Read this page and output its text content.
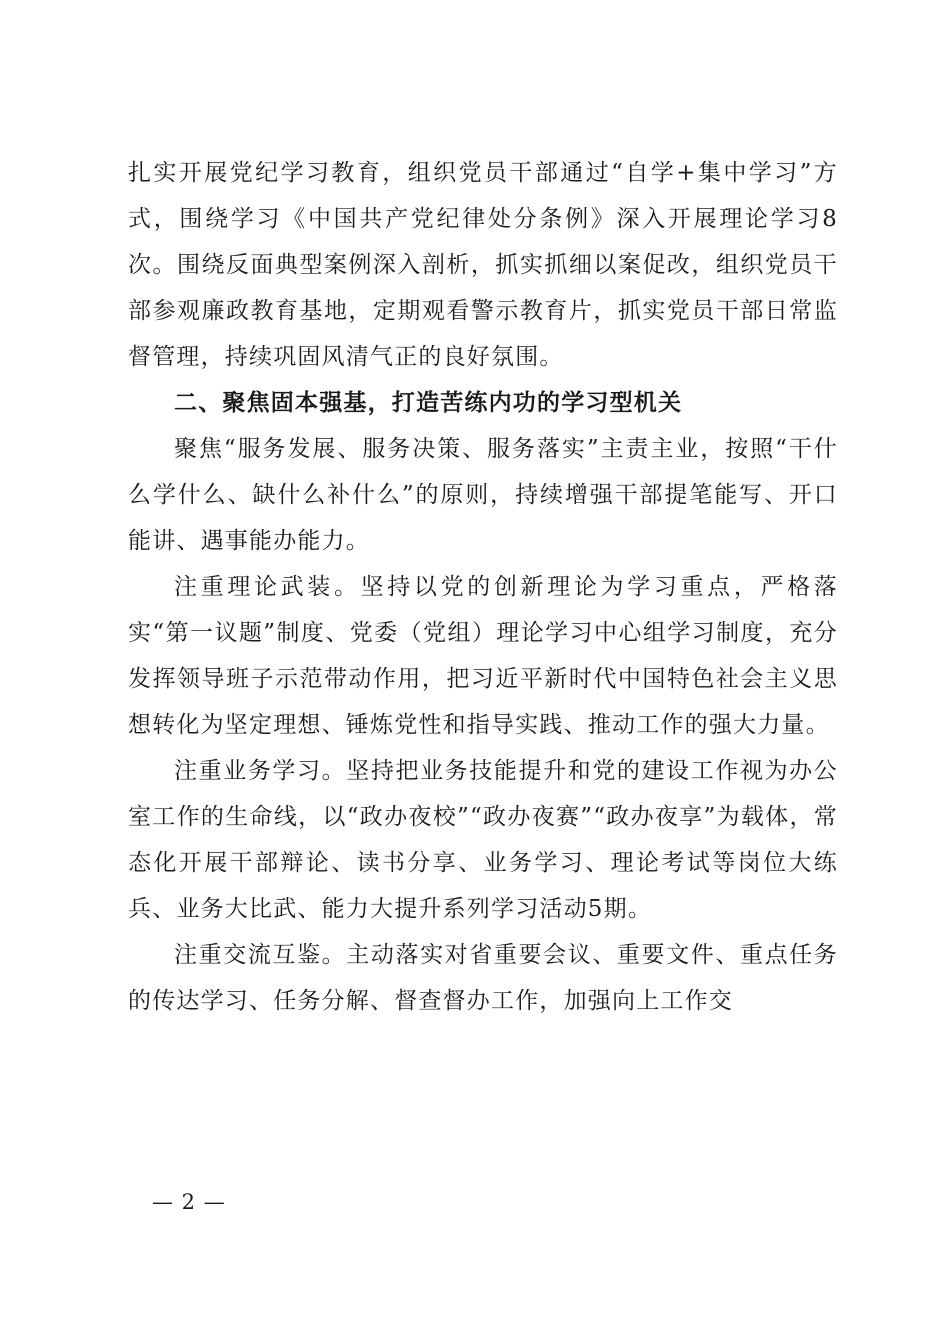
扎实开展党纪学习教育，组织党员干部通过“自学+集中学习”方式，围绕学习《中国共产党纪律处分条例》深入开展理论学习8次。围绕反面典型案例深入剖析，抓实抓细以案促改，组织党员干部参观廉政教育基地，定期观看警示教育片，抓实党员干部日常监督管理，持续巩固风清气正的良好氛围。

二、聚焦固本强基，打造苦练内功的学习型机关

聚焦“服务发展、服务决策、服务落实”主责主业，按照“干什么学什么、缺什么补什么”的原则，持续增强干部提笔能写、开口能讲、遇事能办能力。

注重理论武装。坚持以党的创新理论为学习重点，严格落实“第一议题”制度、党委（党组）理论学习中心组学习制度，充分发挥领导班子示范带动作用，把习近平新时代中国特色社会主义思想转化为坚定理想、锤炼党性和指导实践、推动工作的强大力量。

注重业务学习。坚持把业务技能提升和党的建设工作视为办公室工作的生命线，以“政办夜校”“政办夜赛”“政办夜享”为载体，常态化开展干部辩论、读书分享、业务学习、理论考试等岗位大练兵、业务大比武、能力大提升系列学习活动5期。

注重交流互鉴。主动落实对省重要会议、重要文件、重点任务的传达学习、任务分解、督查督办工作，加强向上工作交

— 2 —
